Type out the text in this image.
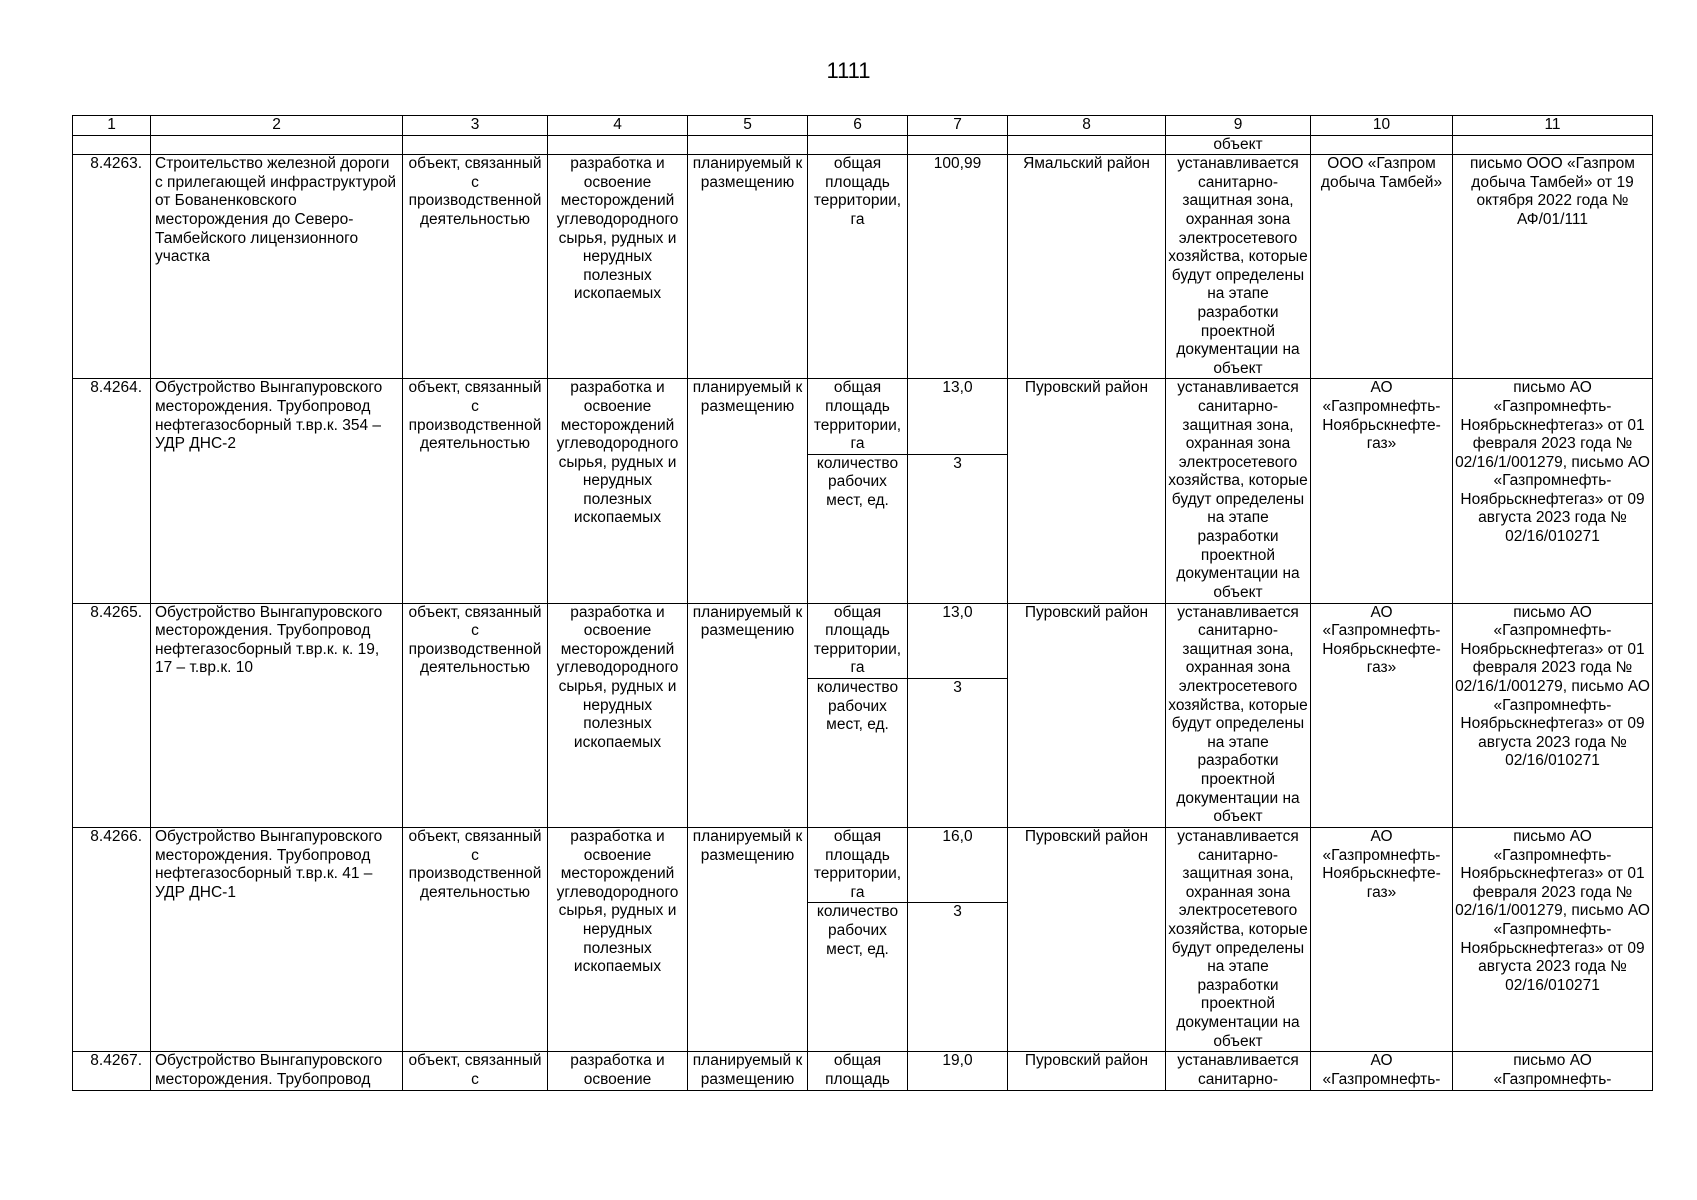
1111
1	2	3	4	5	6	7	8	9	10	11
								объект		
8.4263.	Строительство железной дороги с прилегающей инфраструктурой от Бованенковского месторождения до Северо-Тамбейского лицензионного участка	объект, связанный с производственной деятельностью	разработка и освоение месторождений углеводородного сырья, рудных и нерудных полезных ископаемых	планируемый к размещению	общая площадь территории, га	100,99	Ямальский район	устанавливается санитарно-защитная зона, охранная зона электросетевого хозяйства, которые будут определены на этапе разработки проектной документации на объект	ООО «Газпром добыча Тамбей»	письмо ООО «Газпром добыча Тамбей» от 19 октября 2022 года № АФ/01/111
8.4264.	Обустройство Вынгапуровского месторождения. Трубопровод нефтегазосборный т.вр.к. 354 – УДР ДНС-2	объект, связанный с производственной деятельностью	разработка и освоение месторождений углеводородного сырья, рудных и нерудных полезных ископаемых	планируемый к размещению	общая площадь территории, га	13,0	Пуровский район	устанавливается санитарно-защитная зона, охранная зона электросетевого хозяйства, которые будут определены на этапе разработки проектной документации на объект	АО «Газпромнефть-Ноябрьскнефте-газ»	письмо АО «Газпромнефть-Ноябрьскнефтегаз» от 01 февраля 2023 года № 02/16/1/001279, письмо АО «Газпромнефть-Ноябрьскнефтегаз» от 09 августа 2023 года № 02/16/010271
					количество рабочих мест, ед.	3				
8.4265.	Обустройство Вынгапуровского месторождения. Трубопровод нефтегазосборный т.вр.к. к. 19, 17 – т.вр.к. 10	объект, связанный с производственной деятельностью	разработка и освоение месторождений углеводородного сырья, рудных и нерудных полезных ископаемых	планируемый к размещению	общая площадь территории, га	13,0	Пуровский район	устанавливается санитарно-защитная зона, охранная зона электросетевого хозяйства, которые будут определены на этапе разработки проектной документации на объект	АО «Газпромнефть-Ноябрьскнефте-газ»	письмо АО «Газпромнефть-Ноябрьскнефтегаз» от 01 февраля 2023 года № 02/16/1/001279, письмо АО «Газпромнефть-Ноябрьскнефтегаз» от 09 августа 2023 года № 02/16/010271
					количество рабочих мест, ед.	3				
8.4266.	Обустройство Вынгапуровского месторождения. Трубопровод нефтегазосборный т.вр.к. 41 – УДР ДНС-1	объект, связанный с производственной деятельностью	разработка и освоение месторождений углеводородного сырья, рудных и нерудных полезных ископаемых	планируемый к размещению	общая площадь территории, га	16,0	Пуровский район	устанавливается санитарно-защитная зона, охранная зона электросетевого хозяйства, которые будут определены на этапе разработки проектной документации на объект	АО «Газпромнефть-Ноябрьскнефте-газ»	письмо АО «Газпромнефть-Ноябрьскнефтегаз» от 01 февраля 2023 года № 02/16/1/001279, письмо АО «Газпромнефть-Ноябрьскнефтегаз» от 09 августа 2023 года № 02/16/010271
					количество рабочих мест, ед.	3				
8.4267.	Обустройство Вынгапуровского месторождения. Трубопровод	объект, связанный с	разработка и освоение	планируемый к размещению	общая площадь	19,0	Пуровский район	устанавливается санитарно-	АО «Газпромнефть-	письмо АО «Газпромнефть-
